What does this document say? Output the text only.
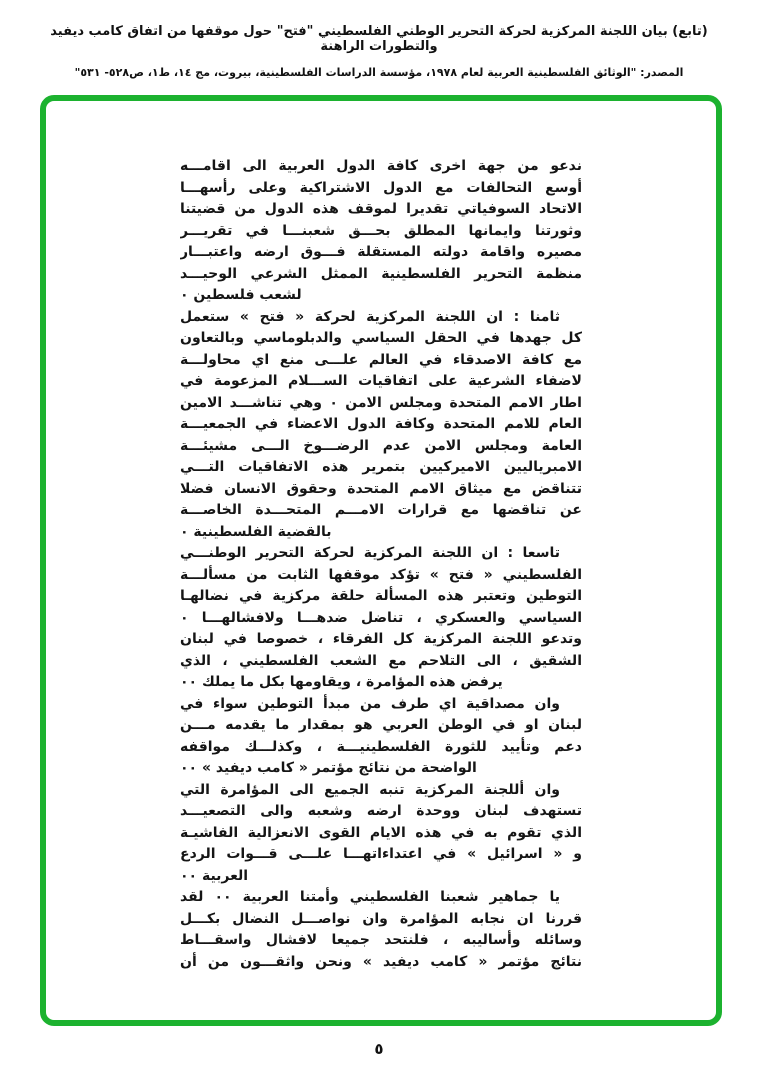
(تابع) بيان اللجنة المركزية لحركة التحرير الوطني الفلسطيني "فتح" حول موقفها من اتفاق كامب ديفيد والتطورات الراهنة
المصدر: "الوثائق الفلسطينية العربية لعام ١٩٧٨، مؤسسة الدراسات الفلسطينية، بيروت، مج ١٤، ط١، ص٥٢٨- ٥٣١"
ندعو من جهة اخرى كافة الدول العربية الى اقامـــه
أوسع التحالفات مع الدول الاشتراكية وعلى رأسهـــا
الاتحاد السوفياتي تقديرا لموقف هذه الدول من قضيتنا
وثورتنا وايمانها المطلق بحـــق شعبنـــا في تقريـــر
مصيره واقامة دولته المستقلة فـــوق ارضه واعتبـــار
منظمة التحرير الفلسطينية الممثل الشرعي الوحيـــد
لشعب فلسطين ٠
ثامنا : ان اللجنة المركزية لحركة « فتح » ستعمل
كل جهدها في الحقل السياسي والدبلوماسي وبالتعاون
مع كافة الاصدقاء في العالم علـــى منع اي محاولـــة
لاضفاء الشرعية على اتفاقيات الســـلام المزعومة في
اطار الامم المتحدة ومجلس الامن ٠ وهي تناشـــد الامين
العام للامم المتحدة وكافة الدول الاعضاء في الجمعيـــة
العامة ومجلس الامن عدم الرضـــوخ الـــى مشيئـــة
الامبرياليين الاميركيين بتمرير هذه الاتفاقيات التـــي
تتناقض مع ميثاق الامم المتحدة وحقوق الانسان فضلا
عن تناقضها مع قرارات الامـــم المتحـــدة الخاصـــة
بالقضية الفلسطينية ٠
تاسعا : ان اللجنة المركزية لحركة التحرير الوطنـــي
الفلسطيني « فتح » تؤكد موقفها الثابت من مسألـــة
التوطين وتعتبر هذه المسألة حلقة مركزية في نضالهـا
السياسي والعسكري ، تناضل ضدهـــا ولافشالهـــا ٠
وتدعو اللجنة المركزية كل الفرقاء ، خصوصا في لبنان
الشقيق ، الى التلاحم مع الشعب الفلسطيني ، الذي
يرفض هذه المؤامرة ، ويقاومها بكل ما يملك ٠٠
وان مصداقية اي طرف من مبدأ التوطين سواء في
لبنان او في الوطن العربي هو بمقدار ما يقدمه مـــن
دعم وتأييد للثورة الفلسطينيـــة ، وكذلـــك مواقفه
الواضحة من نتائج مؤتمر « كامب ديفيد » ٠٠
وان أللجنة المركزية تنبه الجميع الى المؤامرة التي
تستهدف لبنان ووحدة ارضه وشعبه والى التصعيـــد
الذي تقوم به في هذه الايام القوى الانعزالية الفاشيـة
و « اسرائيل » في اعتداءاتهـــا علـــى قـــوات الردع
العربية ٠٠
يا جماهير شعبنا الفلسطيني وأمتنا العربية ٠٠ لقد
قررنا ان نجابه المؤامرة وان نواصـــل النضال بكـــل
وسائله وأساليبه ، فلنتحد جميعا لافشال واسقـــاط
نتائج مؤتمر « كامب ديفيد » ونحن واثقـــون من أن
٥
